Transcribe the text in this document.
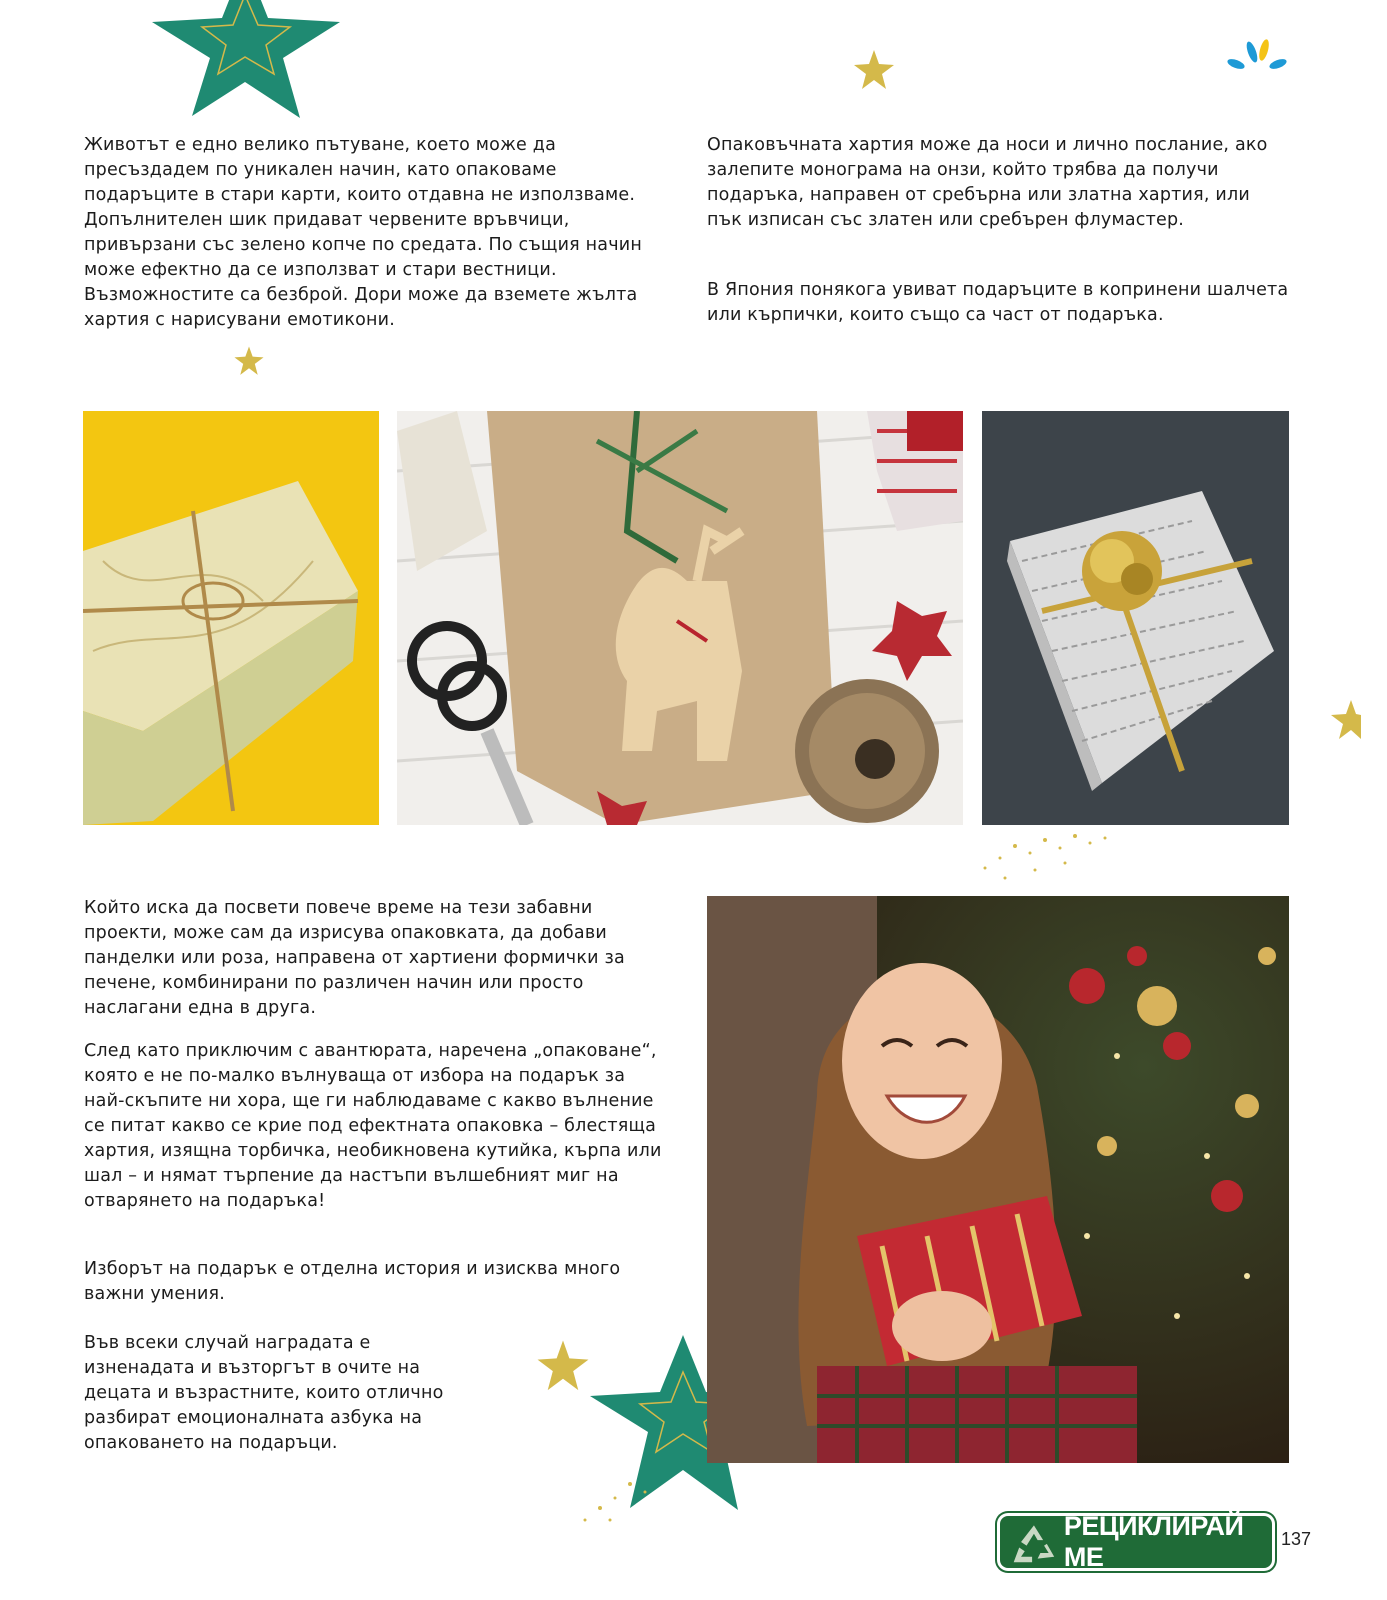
Животът е едно велико пътуване, което може да пресъздадем по уникален начин, като опаковаме подаръците в стари карти, които отдавна не използваме. Допълнителен шик придават червените връвчици, привързани със зелено копче по средата. По същия начин може ефектно да се използват и стари вестници. Възможностите са безброй. Дори може да вземете жълта хартия с нарисувани емотикони.

Опаковъчната хартия може да носи и лично послание, ако залепите монограма на онзи, който трябва да получи подаръка, направен от сребърна или златна хартия, или пък изписан със златен или сребърен флумастер.

В Япония понякога увиват подаръците в копринени шалчета или кърпички, които също са част от подаръка.

Който иска да посвети повече време на тези забавни проекти, може сам да изрисува опаковката, да добави панделки или роза, направена от хартиени формички за печене, комбинирани по различен начин или просто наслагани една в друга.

След като приключим с авантюрата, наречена „опаковане“, която е не по-малко вълнуваща от избора на подарък за най-скъпите ни хора, ще ги наблюдаваме с какво вълнение се питат какво се крие под ефектната опаковка – блестяща хартия, изящна торбичка, необикновена кутийка, кърпа или шал – и нямат търпение да настъпи вълшебният миг на отварянето на подаръка!

Изборът на подарък е отделна история и изисква много важни умения.

Във всеки случай наградата е изненадата и възторгът в очите на децата и възрастните, които отлично разбират емоционалната азбука на опаковането на подаръци.

РЕЦИКЛИРАЙ МЕ
137
